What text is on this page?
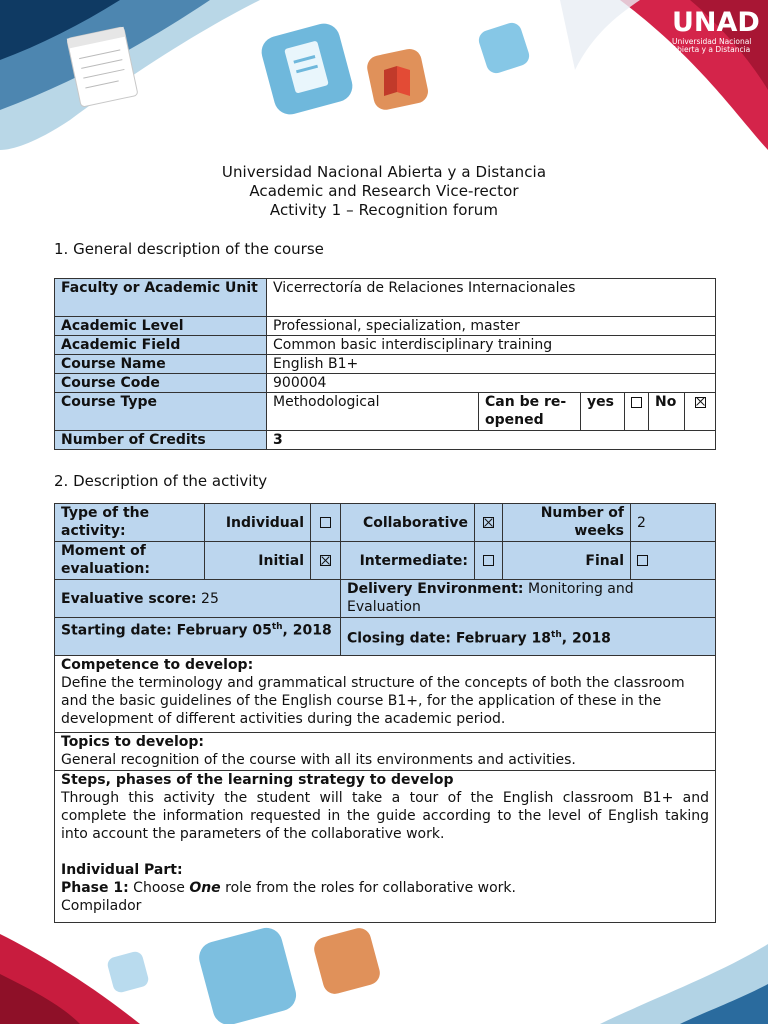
UNAD
Universidad Nacional
Abierta y a Distancia
Universidad Nacional Abierta y a Distancia
Academic and Research Vice-rector
Activity 1 – Recognition forum
1. General description of the course
Faculty or Academic Unit	Vicerrectoría de Relaciones Internacionales					
Academic Level	Professional, specialization, master					
Academic Field	Common basic interdisciplinary training					
Course Name	English B1+					
Course Code	900004					
Course Type	Methodological	Can be re-opened	yes		No	
Number of Credits	3					
2. Description of the activity
Type of the activity:	Individual		Collaborative		Number of weeks	2
Moment of evaluation:	Initial		Intermediate:		Final	
Evaluative score: 25			Delivery Environment: Monitoring and Evaluation			
Starting date: February 05th, 2018			Closing date: February 18th, 2018			

Competence to develop:
Define the terminology and grammatical structure of the concepts of both the classroom and the basic guidelines of the English course B1+, for the application of these in the development of different activities during the academic period.						

Topics to develop:
General recognition of the course with all its environments and activities.						

Steps, phases of the learning strategy to develop
Through this activity the student will take a tour of the English classroom B1+ and complete the information requested in the guide according to the level of English taking into account the parameters of the collaborative work.
Individual Part:
Phase 1: Choose One role from the roles for collaborative work.
Compilador						
